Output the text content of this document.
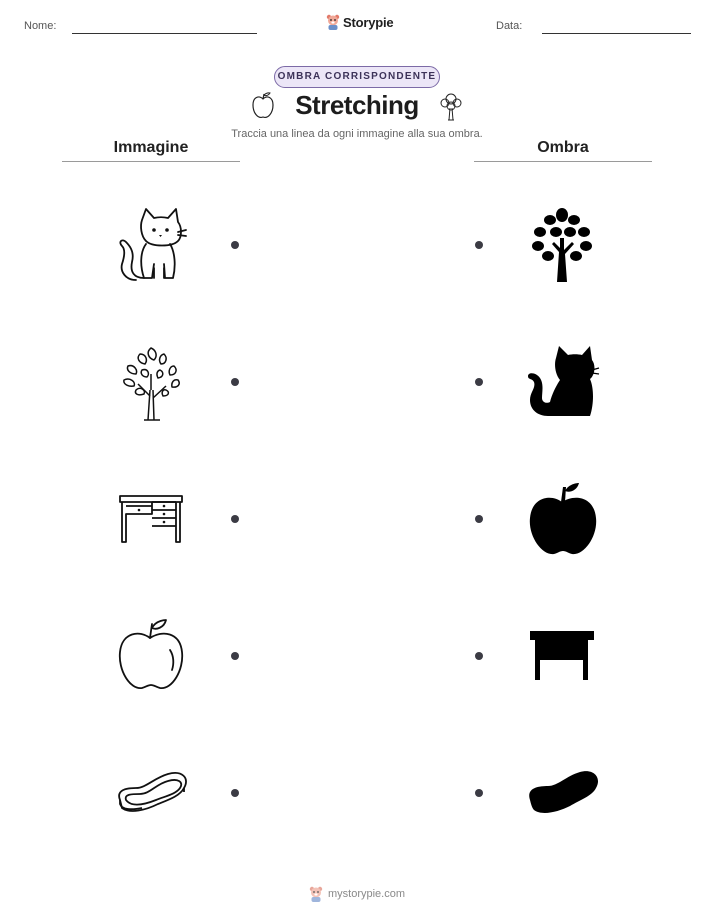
Nome:	Storypie	Data:
OMBRA CORRISPONDENTE
Stretching
Traccia una linea da ogni immagine alla sua ombra.
Immagine	Ombra
mystorypie.com
